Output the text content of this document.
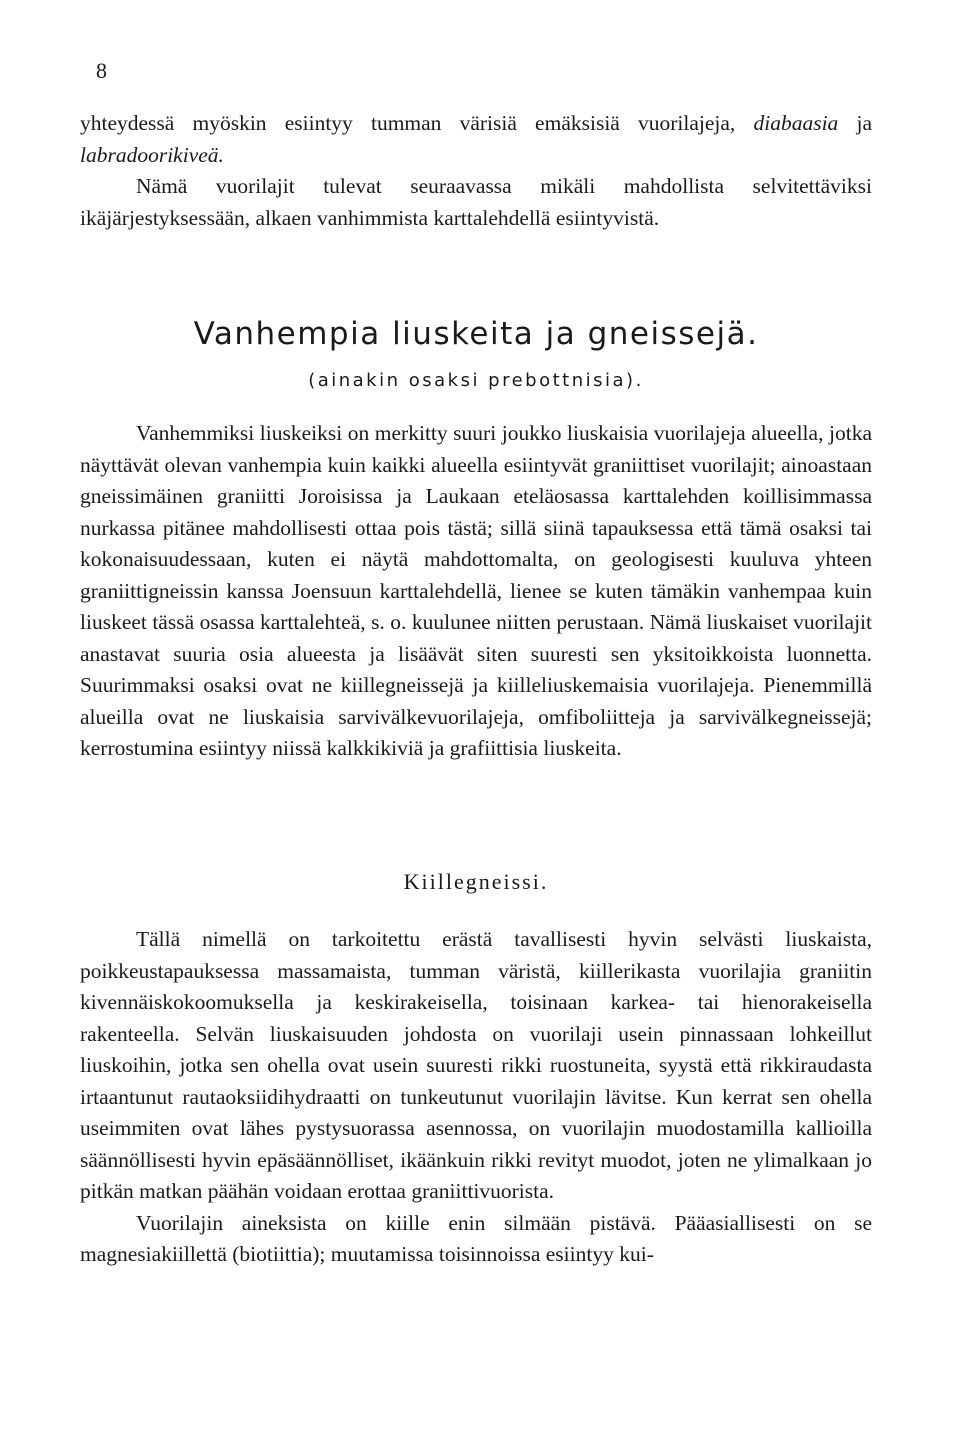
8

yhteydessä myöskin esiintyy tumman värisiä emäksisiä vuorilajeja, diabaasia ja labradoorikiveä.

Nämä vuorilajit tulevat seuraavassa mikäli mahdollista selvitettäviksi ikäjärjestyksessään, alkaen vanhimmista karttalehdellä esiintyvistä.

Vanhempia liuskeita ja gneissejä.
(ainakin osaksi prebottnisia).

Vanhemmiksi liuskeiksi on merkitty suuri joukko liuskaisia vuorilajeja alueella, jotka näyttävät olevan vanhempia kuin kaikki alueella esiintyvät graniittiset vuorilajit; ainoastaan gneissimäinen graniitti Joroisissa ja Laukaan eteläosassa karttalehden koillisimmassa nurkassa pitänee mahdollisesti ottaa pois tästä; sillä siinä tapauksessa että tämä osaksi tai kokonaisuudessaan, kuten ei näytä mahdottomalta, on geologisesti kuuluva yhteen graniittigneissin kanssa Joensuun karttalehdellä, lienee se kuten tämäkin vanhempaa kuin liuskeet tässä osassa karttalehteä, s. o. kuulunee niitten perustaan. Nämä liuskaiset vuorilajit anastavat suuria osia alueesta ja lisäävät siten suuresti sen yksitoikkoista luonnetta. Suurimmaksi osaksi ovat ne kiillegneissejä ja kiilleliuskemaisia vuorilajeja. Pienemmillä alueilla ovat ne liuskaisia sarvivälkevuorilajeja, omfiboliitteja ja sarvivälkegneissejä; kerrostumina esiintyy niissä kalkkikiviä ja grafiittisia liuskeita.

Kiillegneissi.

Tällä nimellä on tarkoitettu erästä tavallisesti hyvin selvästi liuskaista, poikkeustapauksessa massamaista, tumman väristä, kiillerikasta vuorilajia graniitin kivennäiskokoomuksella ja keskirakeisella, toisinaan karkea- tai hienorakeisella rakenteella. Selvän liuskaisuuden johdosta on vuorilaji usein pinnassaan lohkeillut liuskoihin, jotka sen ohella ovat usein suuresti rikki ruostuneita, syystä että rikkiraudasta irtaantunut rautaoksiidihydraatti on tunkeutunut vuorilajin lävitse. Kun kerrat sen ohella useimmiten ovat lähes pystysuorassa asennossa, on vuorilajin muodostamilla kallioilla säännöllisesti hyvin epäsäännölliset, ikäänkuin rikki revityt muodot, joten ne ylimalkaan jo pitkän matkan päähän voidaan erottaa graniittivuorista.

Vuorilajin aineksista on kiille enin silmään pistävä. Pääasiallisesti on se magnesiakiillettä (biotiittia); muutamissa toisinnoissa esiintyy kui-
